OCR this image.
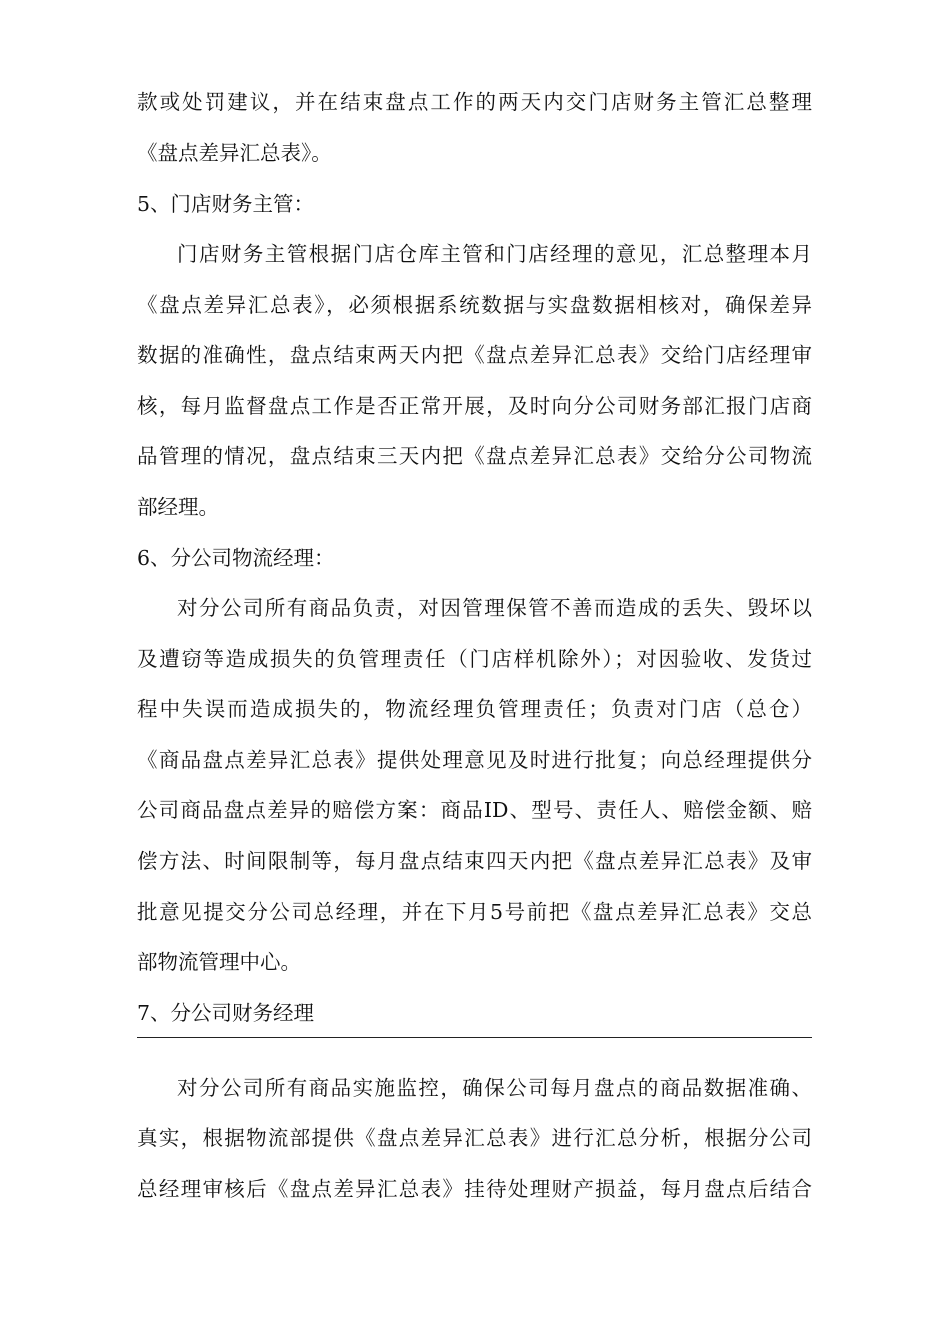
款或处罚建议，并在结束盘点工作的两天内交门店财务主管汇总整理
《盘点差异汇总表》。
5、门店财务主管：
门店财务主管根据门店仓库主管和门店经理的意见，汇总整理本月
《盘点差异汇总表》，必须根据系统数据与实盘数据相核对，确保差异
数据的准确性，盘点结束两天内把《盘点差异汇总表》交给门店经理审
核，每月监督盘点工作是否正常开展，及时向分公司财务部汇报门店商
品管理的情况，盘点结束三天内把《盘点差异汇总表》交给分公司物流
部经理。
6、分公司物流经理：
对分公司所有商品负责，对因管理保管不善而造成的丢失、毁坏以
及遭窃等造成损失的负管理责任（门店样机除外）；对因验收、发货过
程中失误而造成损失的，物流经理负管理责任；负责对门店（总仓）
《商品盘点差异汇总表》提供处理意见及时进行批复；向总经理提供分
公司商品盘点差异的赔偿方案：商品ID、型号、责任人、赔偿金额、赔
偿方法、时间限制等，每月盘点结束四天内把《盘点差异汇总表》及审
批意见提交分公司总经理，并在下月5号前把《盘点差异汇总表》交总
部物流管理中心。
7、分公司财务经理
对分公司所有商品实施监控，确保公司每月盘点的商品数据准确、
真实，根据物流部提供《盘点差异汇总表》进行汇总分析，根据分公司
总经理审核后《盘点差异汇总表》挂待处理财产损益，每月盘点后结合
